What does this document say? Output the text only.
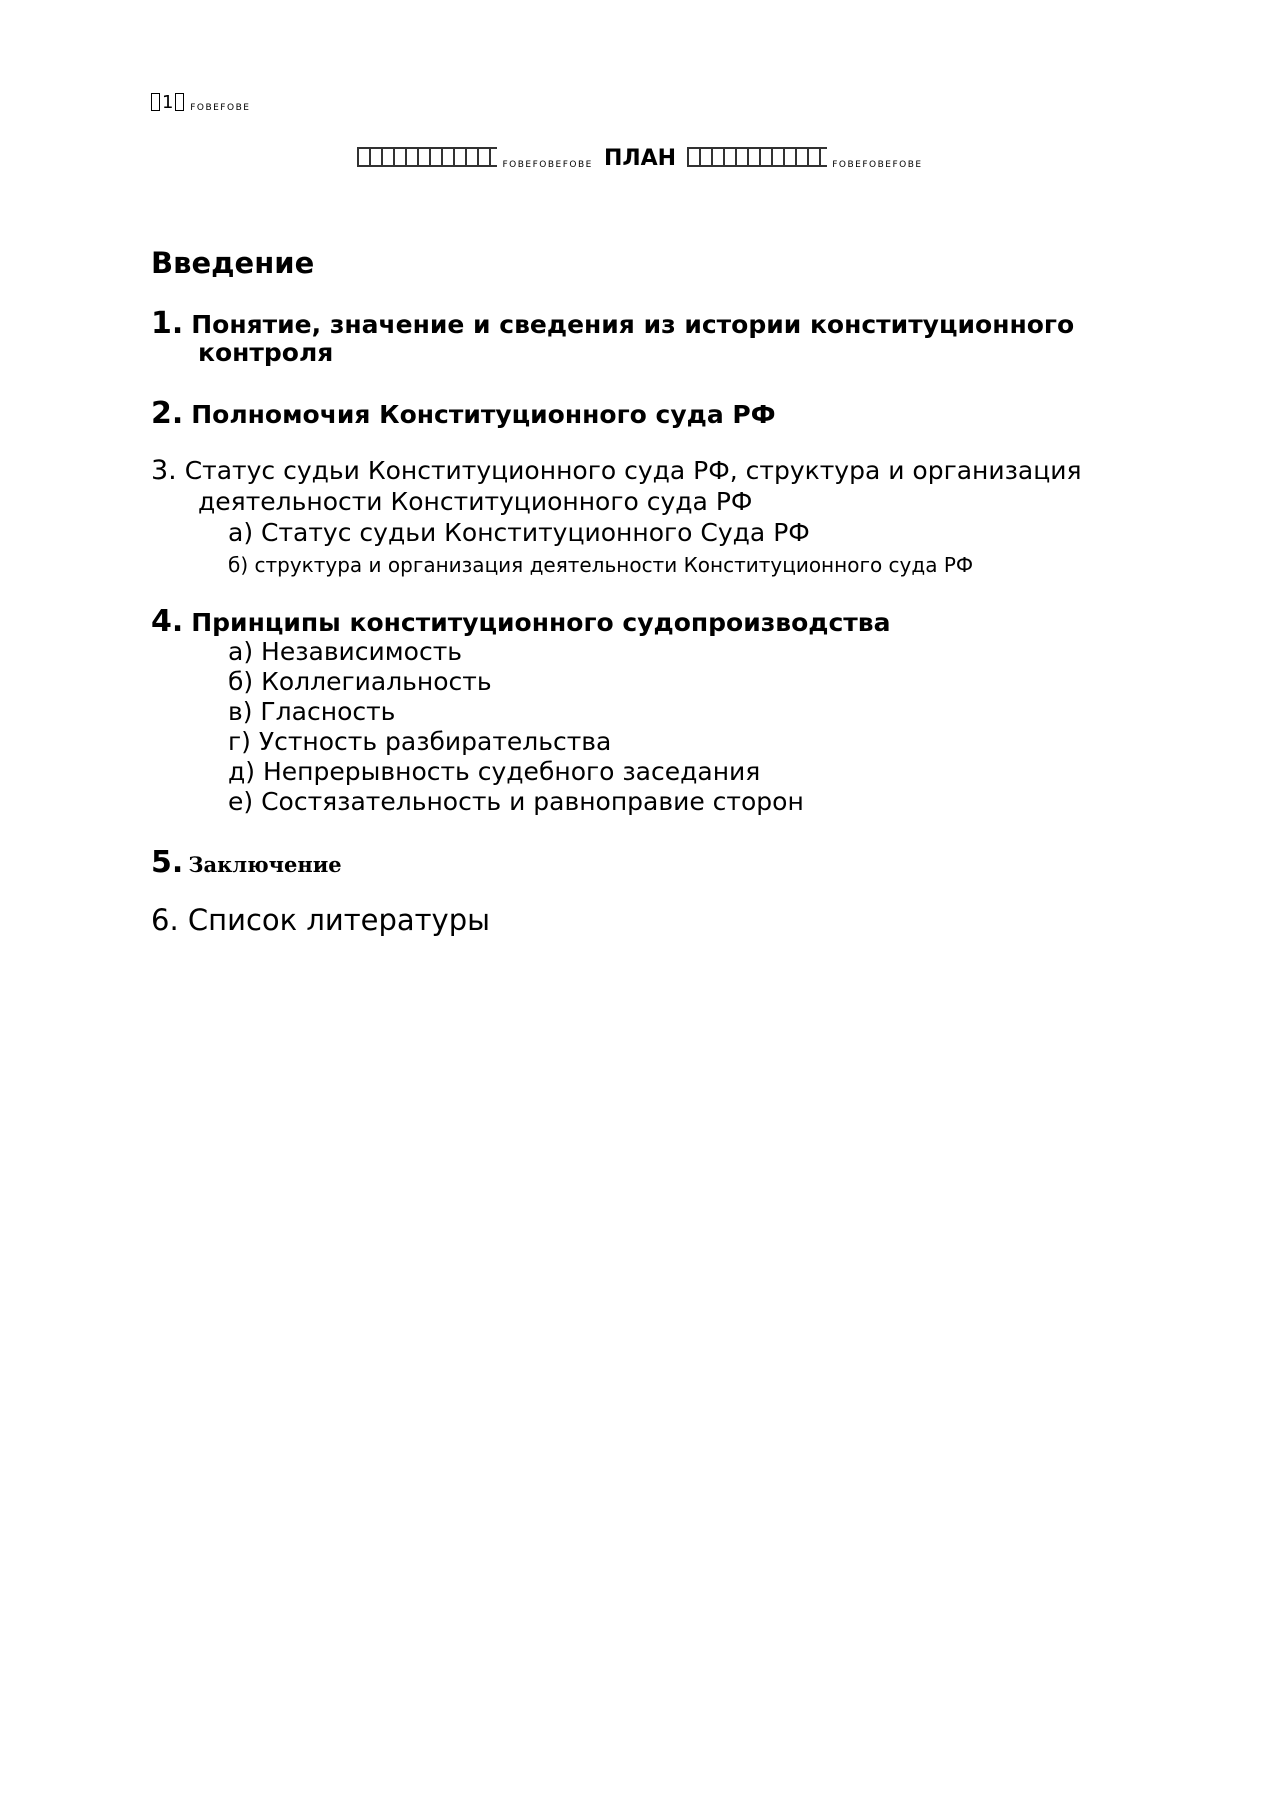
1 FOBEFOBE
FOBEFOBEFOBE ПЛАН	FOBEFOBEFOBE
Введение
1. Понятие, значение и сведения из истории конституционного
контроля
2. Полномочия Конституционного суда РФ
3. Статус судьи Конституционного суда РФ, структура и организация
деятельности Конституционного суда РФ
а) Статус судьи Конституционного Суда РФ
б) структура и организация деятельности Конституционного суда РФ
4. Принципы конституционного судопроизводства
а) Независимость
б) Коллегиальность
в) Гласность
г) Устность разбирательства
д) Непрерывность судебного заседания
е) Состязательность и равноправие сторон
5. Заключение
6. Список литературы
